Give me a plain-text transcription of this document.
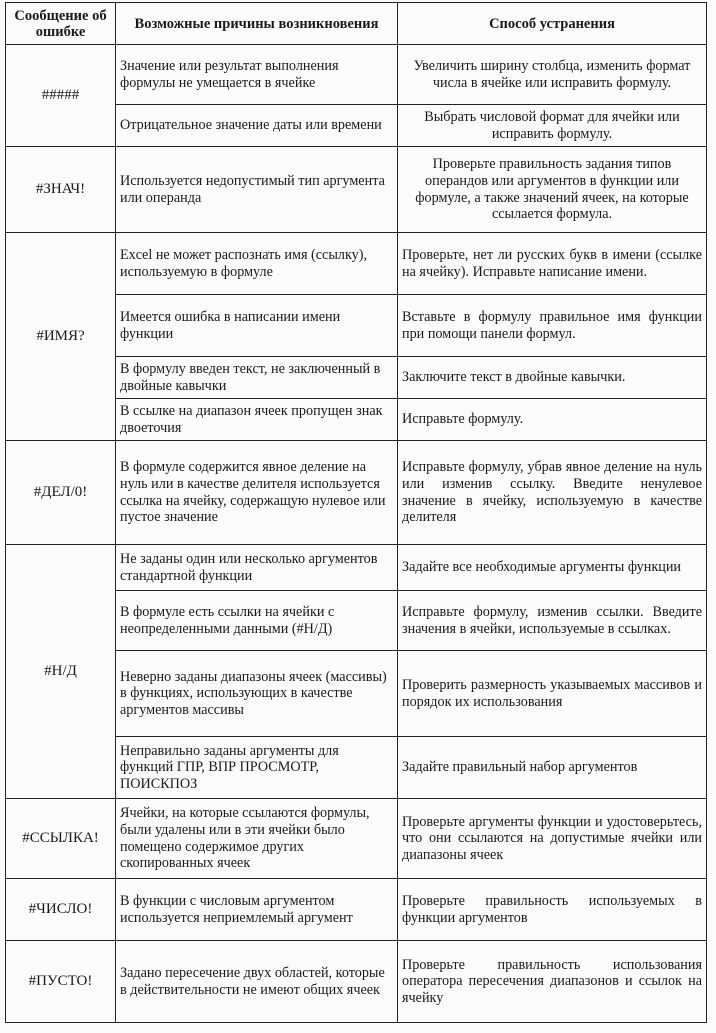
Сообщение об ошибке	Возможные причины возникновения	Способ устранения
#####	Значение или результат выполнения формулы не умещается в ячейке	Увеличить ширину столбца, изменить формат числа в ячейке или исправить формулу.
	Отрицательное значение даты или времени	Выбрать числовой формат для ячейки или исправить формулу.
#ЗНАЧ!	Используется недопустимый тип аргумента или операнда	Проверьте правильность задания типов операндов или аргументов в функции или формуле, а также значений ячеек, на которые ссылается формула.
#ИМЯ?	Excel не может распознать имя (ссылку), используемую в формуле	Проверьте, нет ли русских букв в имени (ссылке на ячейку). Исправьте написание имени.
	Имеется ошибка в написании имени функции	Вставьте в формулу правильное имя функции при помощи панели формул.
	В формулу введен текст, не заключенный в двойные кавычки	Заключите текст в двойные кавычки.
	В ссылке на диапазон ячеек пропущен знак двоеточия	Исправьте формулу.
#ДЕЛ/0!	В формуле содержится явное деление на нуль или в качестве делителя используется ссылка на ячейку, содержащую нулевое или пустое значение	Исправьте формулу, убрав явное деление на нуль или изменив ссылку. Введите ненулевое значение в ячейку, используемую в качестве делителя
#Н/Д	Не заданы один или несколько аргументов стандартной функции	Задайте все необходимые аргументы функции
	В формуле есть ссылки на ячейки с неопределенными данными (#Н/Д)	Исправьте формулу, изменив ссылки. Введите значения в ячейки, используемые в ссылках.
	Неверно заданы диапазоны ячеек (массивы) в функциях, использующих в качестве аргументов массивы	Проверить размерность указываемых массивов и порядок их использования
	Неправильно заданы аргументы для функций ГПР, ВПР ПРОСМОТР, ПОИСКПОЗ	Задайте правильный набор аргументов
#ССЫЛКА!	Ячейки, на которые ссылаются формулы, были удалены или в эти ячейки было помещено содержимое других скопированных ячеек	Проверьте аргументы функции и удостоверьтесь, что они ссылаются на допустимые ячейки или диапазоны ячеек
#ЧИСЛО!	В функции с числовым аргументом используется неприемлемый аргумент	Проверьте правильность используемых в функции аргументов
#ПУСТО!	Задано пересечение двух областей, которые в действительности не имеют общих ячеек	Проверьте правильность использования оператора пересечения диапазонов и ссылок на ячейку
